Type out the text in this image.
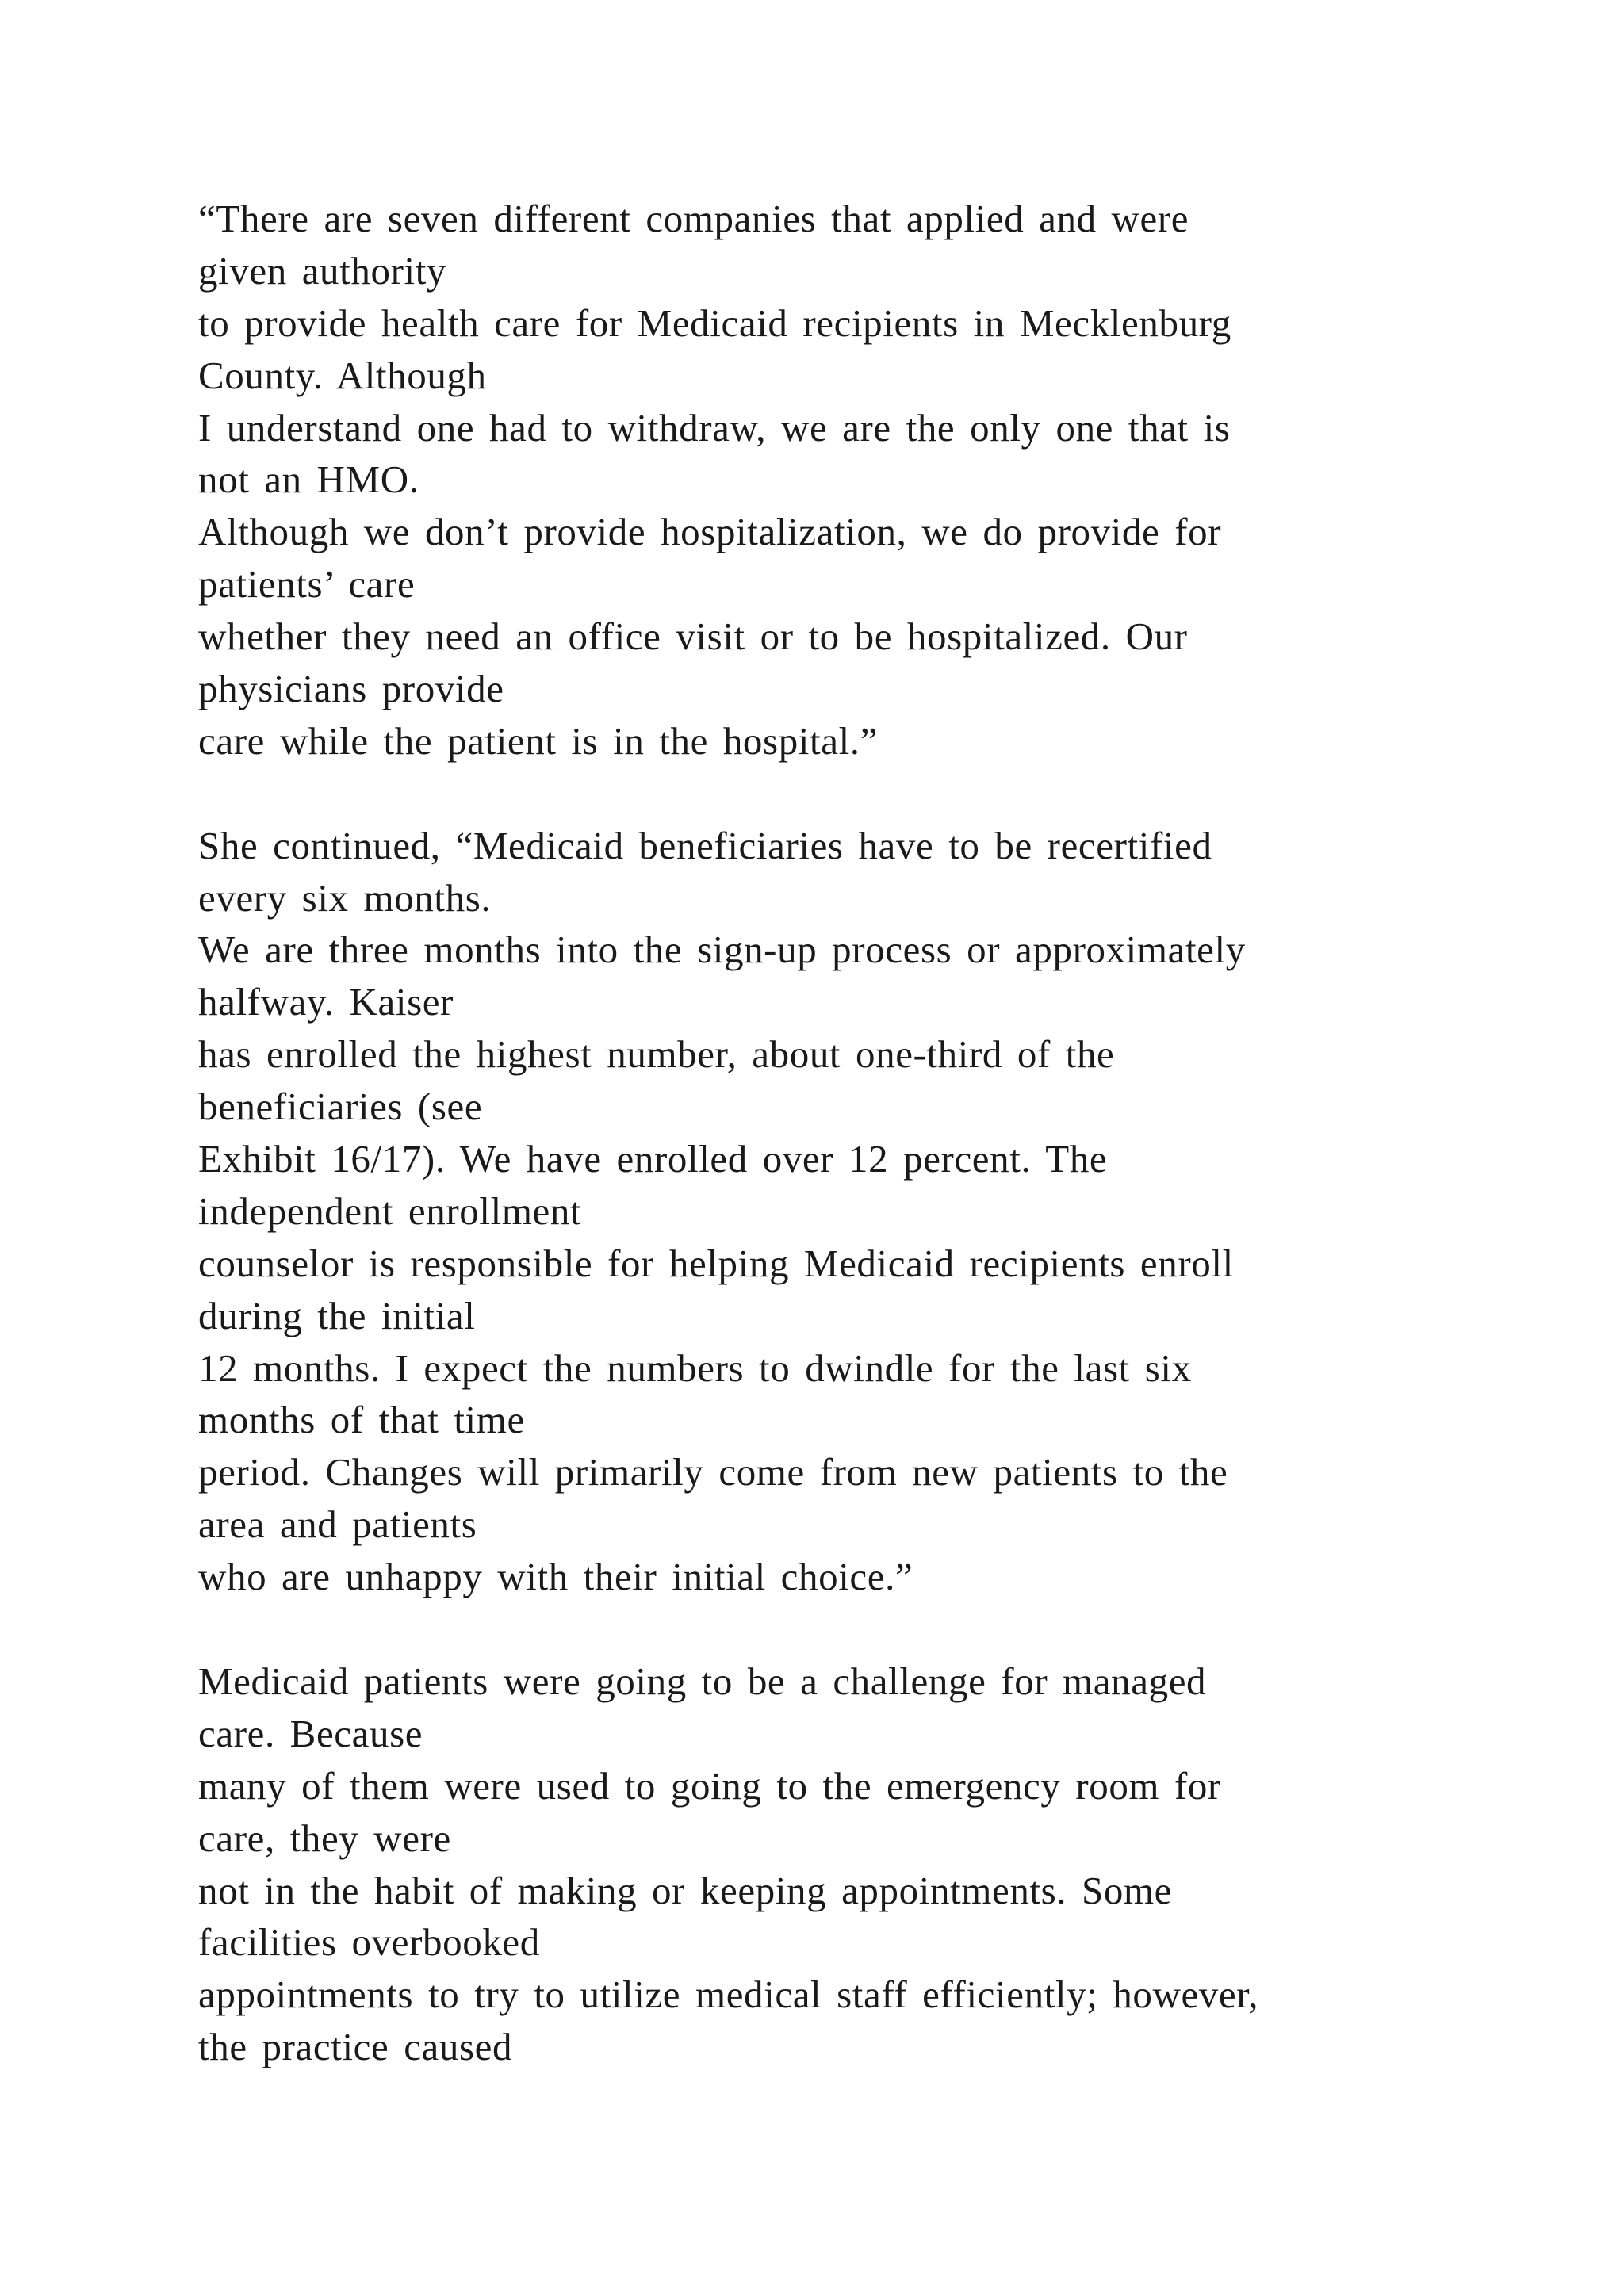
“There are seven different companies that applied and were
given authority
to provide health care for Medicaid recipients in Mecklenburg
County. Although
I understand one had to withdraw, we are the only one that is
not an HMO.
Although we don’t provide hospitalization, we do provide for
patients’ care
whether they need an office visit or to be hospitalized. Our
physicians provide
care while the patient is in the hospital.”
She continued, “Medicaid beneficiaries have to be recertified
every six months.
We are three months into the sign-up process or approximately
halfway. Kaiser
has enrolled the highest number, about one-third of the
beneficiaries (see
Exhibit 16/17). We have enrolled over 12 percent. The
independent enrollment
counselor is responsible for helping Medicaid recipients enroll
during the initial
12 months. I expect the numbers to dwindle for the last six
months of that time
period. Changes will primarily come from new patients to the
area and patients
who are unhappy with their initial choice.”
Medicaid patients were going to be a challenge for managed
care. Because
many of them were used to going to the emergency room for
care, they were
not in the habit of making or keeping appointments. Some
facilities overbooked
appointments to try to utilize medical staff efficiently; however,
the practice caused
